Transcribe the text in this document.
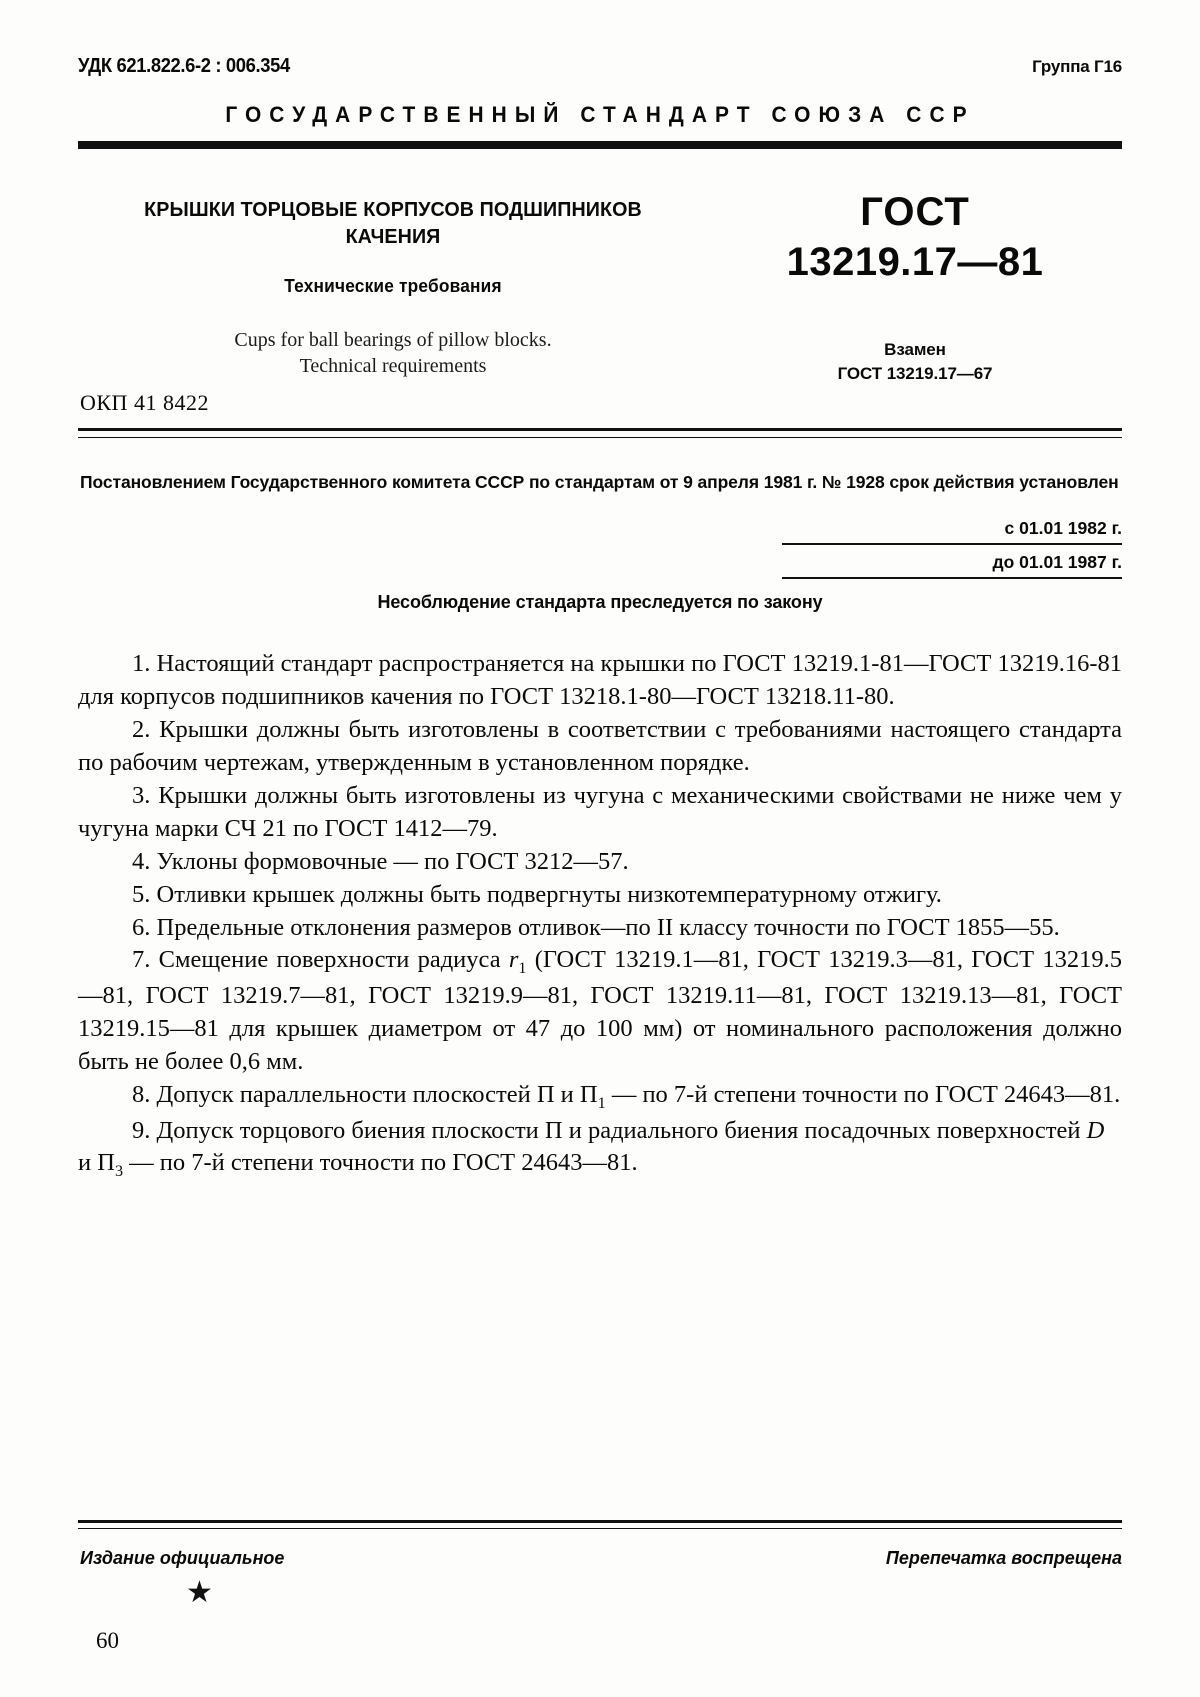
УДК 621.822.6-2 : 006.354	Группа Г16
ГОСУДАРСТВЕННЫЙ СТАНДАРТ СОЮЗА ССР
КРЫШКИ ТОРЦОВЫЕ КОРПУСОВ ПОДШИПНИКОВ КАЧЕНИЯ
Технические требования
Cups for ball bearings of pillow blocks.
Technical requirements
ГОСТ
13219.17—81
Взамен
ГОСТ 13219.17—67
ОКП 41 8422
Постановлением Государственного комитета СССР по стандартам от 9 апреля 1981 г. № 1928 срок действия установлен
с 01.01 1982 г.
до 01.01 1987 г.
Несоблюдение стандарта преследуется по закону

1. Настоящий стандарт распространяется на крышки по ГОСТ 13219.1-81—ГОСТ 13219.16-81 для корпусов подшипников качения по ГОСТ 13218.1-80—ГОСТ 13218.11-80.

2. Крышки должны быть изготовлены в соответствии с требованиями настоящего стандарта по рабочим чертежам, утвержденным в установленном порядке.

3. Крышки должны быть изготовлены из чугуна с механическими свойствами не ниже чем у чугуна марки СЧ 21 по ГОСТ 1412—79.

4. Уклоны формовочные — по ГОСТ 3212—57.

5. Отливки крышек должны быть подвергнуты низкотемпературному отжигу.

6. Предельные отклонения размеров отливок—по II классу точности по ГОСТ 1855—55.

7. Смещение поверхности радиуса $r_1$ (ГОСТ 13219.1—81, ГОСТ 13219.3—81, ГОСТ 13219.5—81, ГОСТ 13219.7—81, ГОСТ 13219.9—81, ГОСТ 13219.11—81, ГОСТ 13219.13—81, ГОСТ 13219.15—81 для крышек диаметром от 47 до 100 мм) от номинального расположения должно быть не более 0,6 мм.

8. Допуск параллельности плоскостей П и $П_1$ — по 7-й степени точности по ГОСТ 24643—81.

9. Допуск торцового биения плоскости П и радиального биения посадочных поверхностей D и $П_3$ — по 7-й степени точности по ГОСТ 24643—81.

Издание официальное	Перепечатка воспрещена
★
60
